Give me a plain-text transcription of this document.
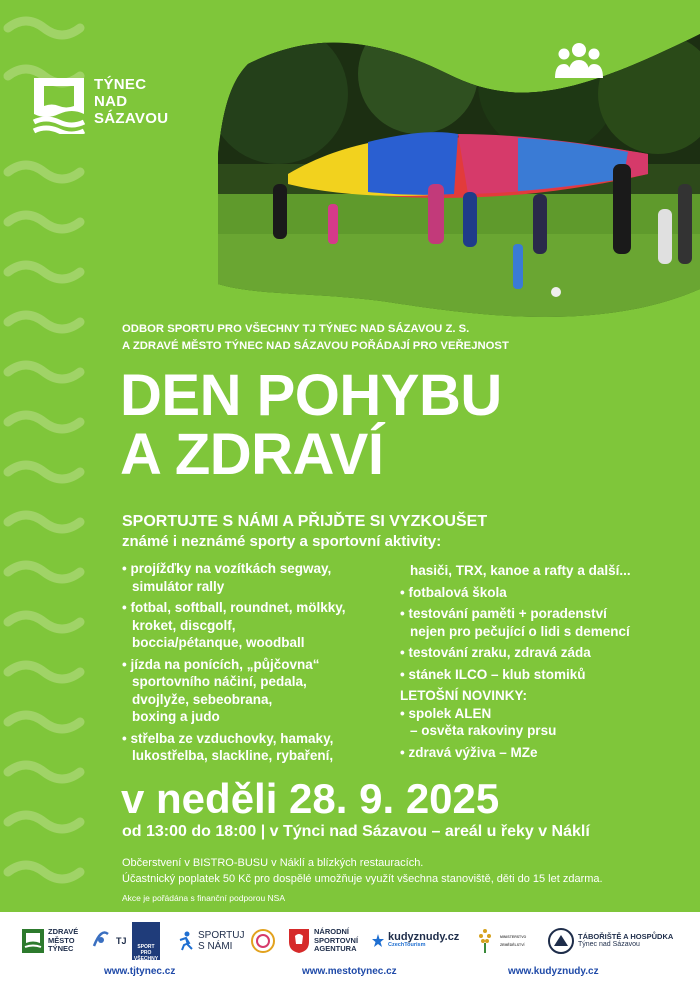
TÝNEC
NAD
SÁZAVOU
ODBOR SPORTU PRO VŠECHNY TJ TÝNEC NAD SÁZAVOU Z. S.
A ZDRAVÉ MĚSTO TÝNEC NAD SÁZAVOU POŘÁDAJÍ PRO VEŘEJNOST
DEN POHYBU
A ZDRAVÍ
SPORTUJTE S NÁMI A PŘIJĎTE SI VYZKOUŠET
známé i neznámé sporty a sportovní aktivity:
• projížďky na vozítkách segway,
simulátor rally
• fotbal, softball, roundnet, mölkky,
kroket, discgolf,
boccia/pétanque, woodball
• jízda na ponících, „půjčovna“
sportovního náčiní, pedala,
dvojlyže, sebeobrana,
boxing a judo
• střelba ze vzduchovky, hamaky,
lukostřelba, slackline, rybaření,
hasiči, TRX, kanoe a rafty a další...
• fotbalová škola
• testování paměti + poradenství
nejen pro pečující o lidi s demencí
• testování zraku, zdravá záda
• stánek ILCO – klub stomiků
LETOŠNÍ NOVINKY:
• spolek ALEN
– osvěta rakoviny prsu
• zdravá výživa – MZe
v neděli 28. 9. 2025
od 13:00 do 18:00 | v Týnci nad Sázavou – areál u řeky v Náklí
Občerstvení v BISTRO-BUSU v Náklí a blízkých restauracích.
Účastnický poplatek 50 Kč pro dospělé umožňuje využít všechna stanoviště, děti do 15 let zdarma.
Akce je pořádána s finanční podporou NSA
ZDRAVÉ
MĚSTO
TÝNEC
TJ
SPORT
PRO VŠECHNY
SPORTUJ
S NÁMI
NÁRODNÍ
SPORTOVNÍ
AGENTURA
kudyznudy.cz
CzechTourism
MINISTERSTVO ZEMĚDĚLSTVÍ
TÁBOŘIŠTĚ A HOSPŮDKA
Týnec nad Sázavou
www.tjtynec.cz	www.mestotynec.cz	www.kudyznudy.cz
